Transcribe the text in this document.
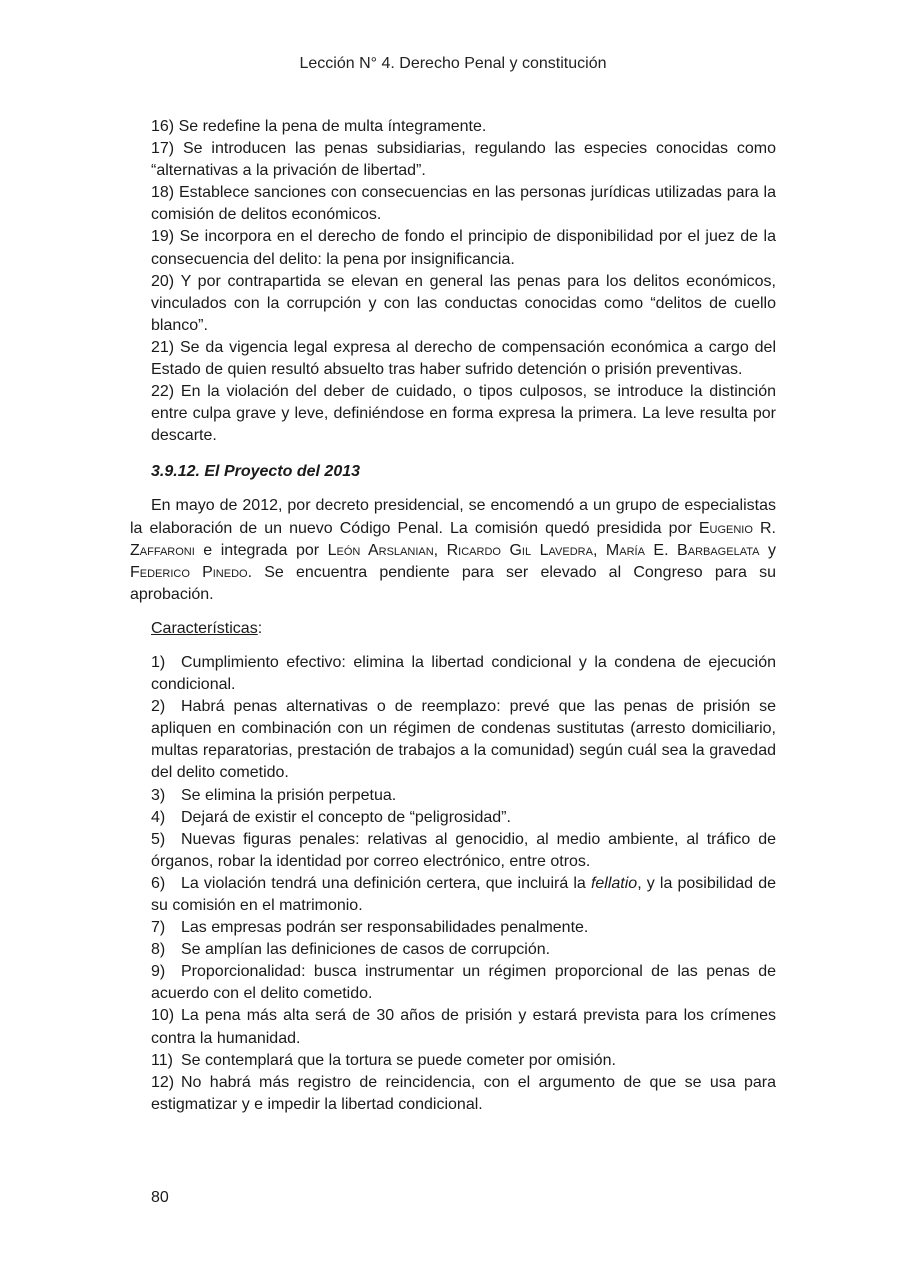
Lección N° 4. Derecho Penal y constitución

16) Se redefine la pena de multa íntegramente.

17) Se introducen las penas subsidiarias, regulando las especies conocidas como “alternativas a la privación de libertad”.

18) Establece sanciones con consecuencias en las personas jurídicas utilizadas para la comisión de delitos económicos.

19) Se incorpora en el derecho de fondo el principio de disponibilidad por el juez de la consecuencia del delito: la pena por insignificancia.

20) Y por contrapartida se elevan en general las penas para los delitos económicos, vinculados con la corrupción y con las conductas conocidas como “delitos de cuello blanco”.

21) Se da vigencia legal expresa al derecho de compensación económica a cargo del Estado de quien resultó absuelto tras haber sufrido detención o prisión preventivas.

22) En la violación del deber de cuidado, o tipos culposos, se introduce la distinción entre culpa grave y leve, definiéndose en forma expresa la primera. La leve resulta por descarte.

3.9.12. El Proyecto del 2013

En mayo de 2012, por decreto presidencial, se encomendó a un grupo de especialistas la elaboración de un nuevo Código Penal. La comisión quedó presidida por Eugenio R. Zaffaroni e integrada por León Arslanian, Ricardo Gil Lavedra, María E. Barbagelata y Federico Pinedo. Se encuentra pendiente para ser elevado al Congreso para su aprobación.

Características:

1) Cumplimiento efectivo: elimina la libertad condicional y la condena de ejecución condicional.

2) Habrá penas alternativas o de reemplazo: prevé que las penas de prisión se apliquen en combinación con un régimen de condenas sustitutas (arresto domiciliario, multas reparatorias, prestación de trabajos a la comunidad) según cuál sea la gravedad del delito cometido.

3) Se elimina la prisión perpetua.

4) Dejará de existir el concepto de “peligrosidad”.

5) Nuevas figuras penales: relativas al genocidio, al medio ambiente, al tráfico de órganos, robar la identidad por correo electrónico, entre otros.

6) La violación tendrá una definición certera, que incluirá la fellatio, y la posibilidad de su comisión en el matrimonio.

7) Las empresas podrán ser responsabilidades penalmente.

8) Se amplían las definiciones de casos de corrupción.

9) Proporcionalidad: busca instrumentar un régimen proporcional de las penas de acuerdo con el delito cometido.

10) La pena más alta será de 30 años de prisión y estará prevista para los crímenes contra la humanidad.

11) Se contemplará que la tortura se puede cometer por omisión.

12) No habrá más registro de reincidencia, con el argumento de que se usa para estigmatizar y e impedir la libertad condicional.

80
